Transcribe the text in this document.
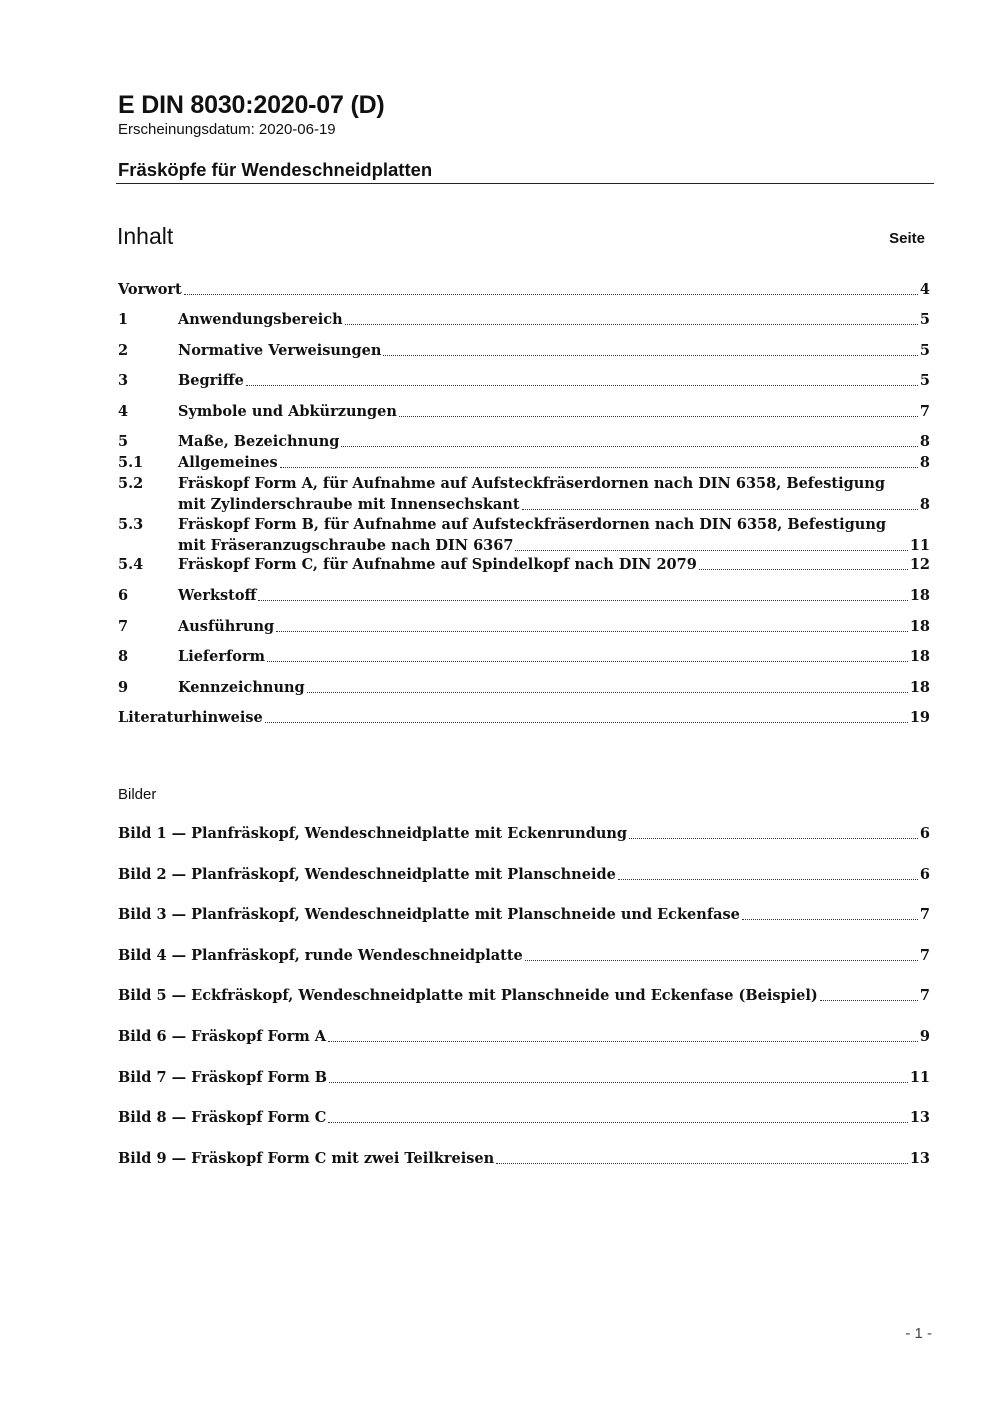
E DIN 8030:2020-07 (D)
Erscheinungsdatum: 2020-06-19
Fräsköpfe für Wendeschneidplatten
Inhalt	Seite
Vorwort	4
1	Anwendungsbereich	5
2	Normative Verweisungen	5
3	Begriffe	5
4	Symbole und Abkürzungen	7
5	Maße, Bezeichnung	8
5.1	Allgemeines	8
5.2	Fräskopf Form A, für Aufnahme auf Aufsteckfräserdornen nach DIN 6358, Befestigung
mit Zylinderschraube mit Innensechskant	8
5.3	Fräskopf Form B, für Aufnahme auf Aufsteckfräserdornen nach DIN 6358, Befestigung
mit Fräseranzugschraube nach DIN 6367	11
5.4	Fräskopf Form C, für Aufnahme auf Spindelkopf nach DIN 2079	12
6	Werkstoff	18
7	Ausführung	18
8	Lieferform	18
9	Kennzeichnung	18
Literaturhinweise	19
Bilder
Bild 1 — Planfräskopf, Wendeschneidplatte mit Eckenrundung	6
Bild 2 — Planfräskopf, Wendeschneidplatte mit Planschneide	6
Bild 3 — Planfräskopf, Wendeschneidplatte mit Planschneide und Eckenfase	7
Bild 4 — Planfräskopf, runde Wendeschneidplatte	7
Bild 5 — Eckfräskopf, Wendeschneidplatte mit Planschneide und Eckenfase (Beispiel)	7
Bild 6 — Fräskopf Form A	9
Bild 7 — Fräskopf Form B	11
Bild 8 — Fräskopf Form C	13
Bild 9 — Fräskopf Form C mit zwei Teilkreisen	13
- 1 -
